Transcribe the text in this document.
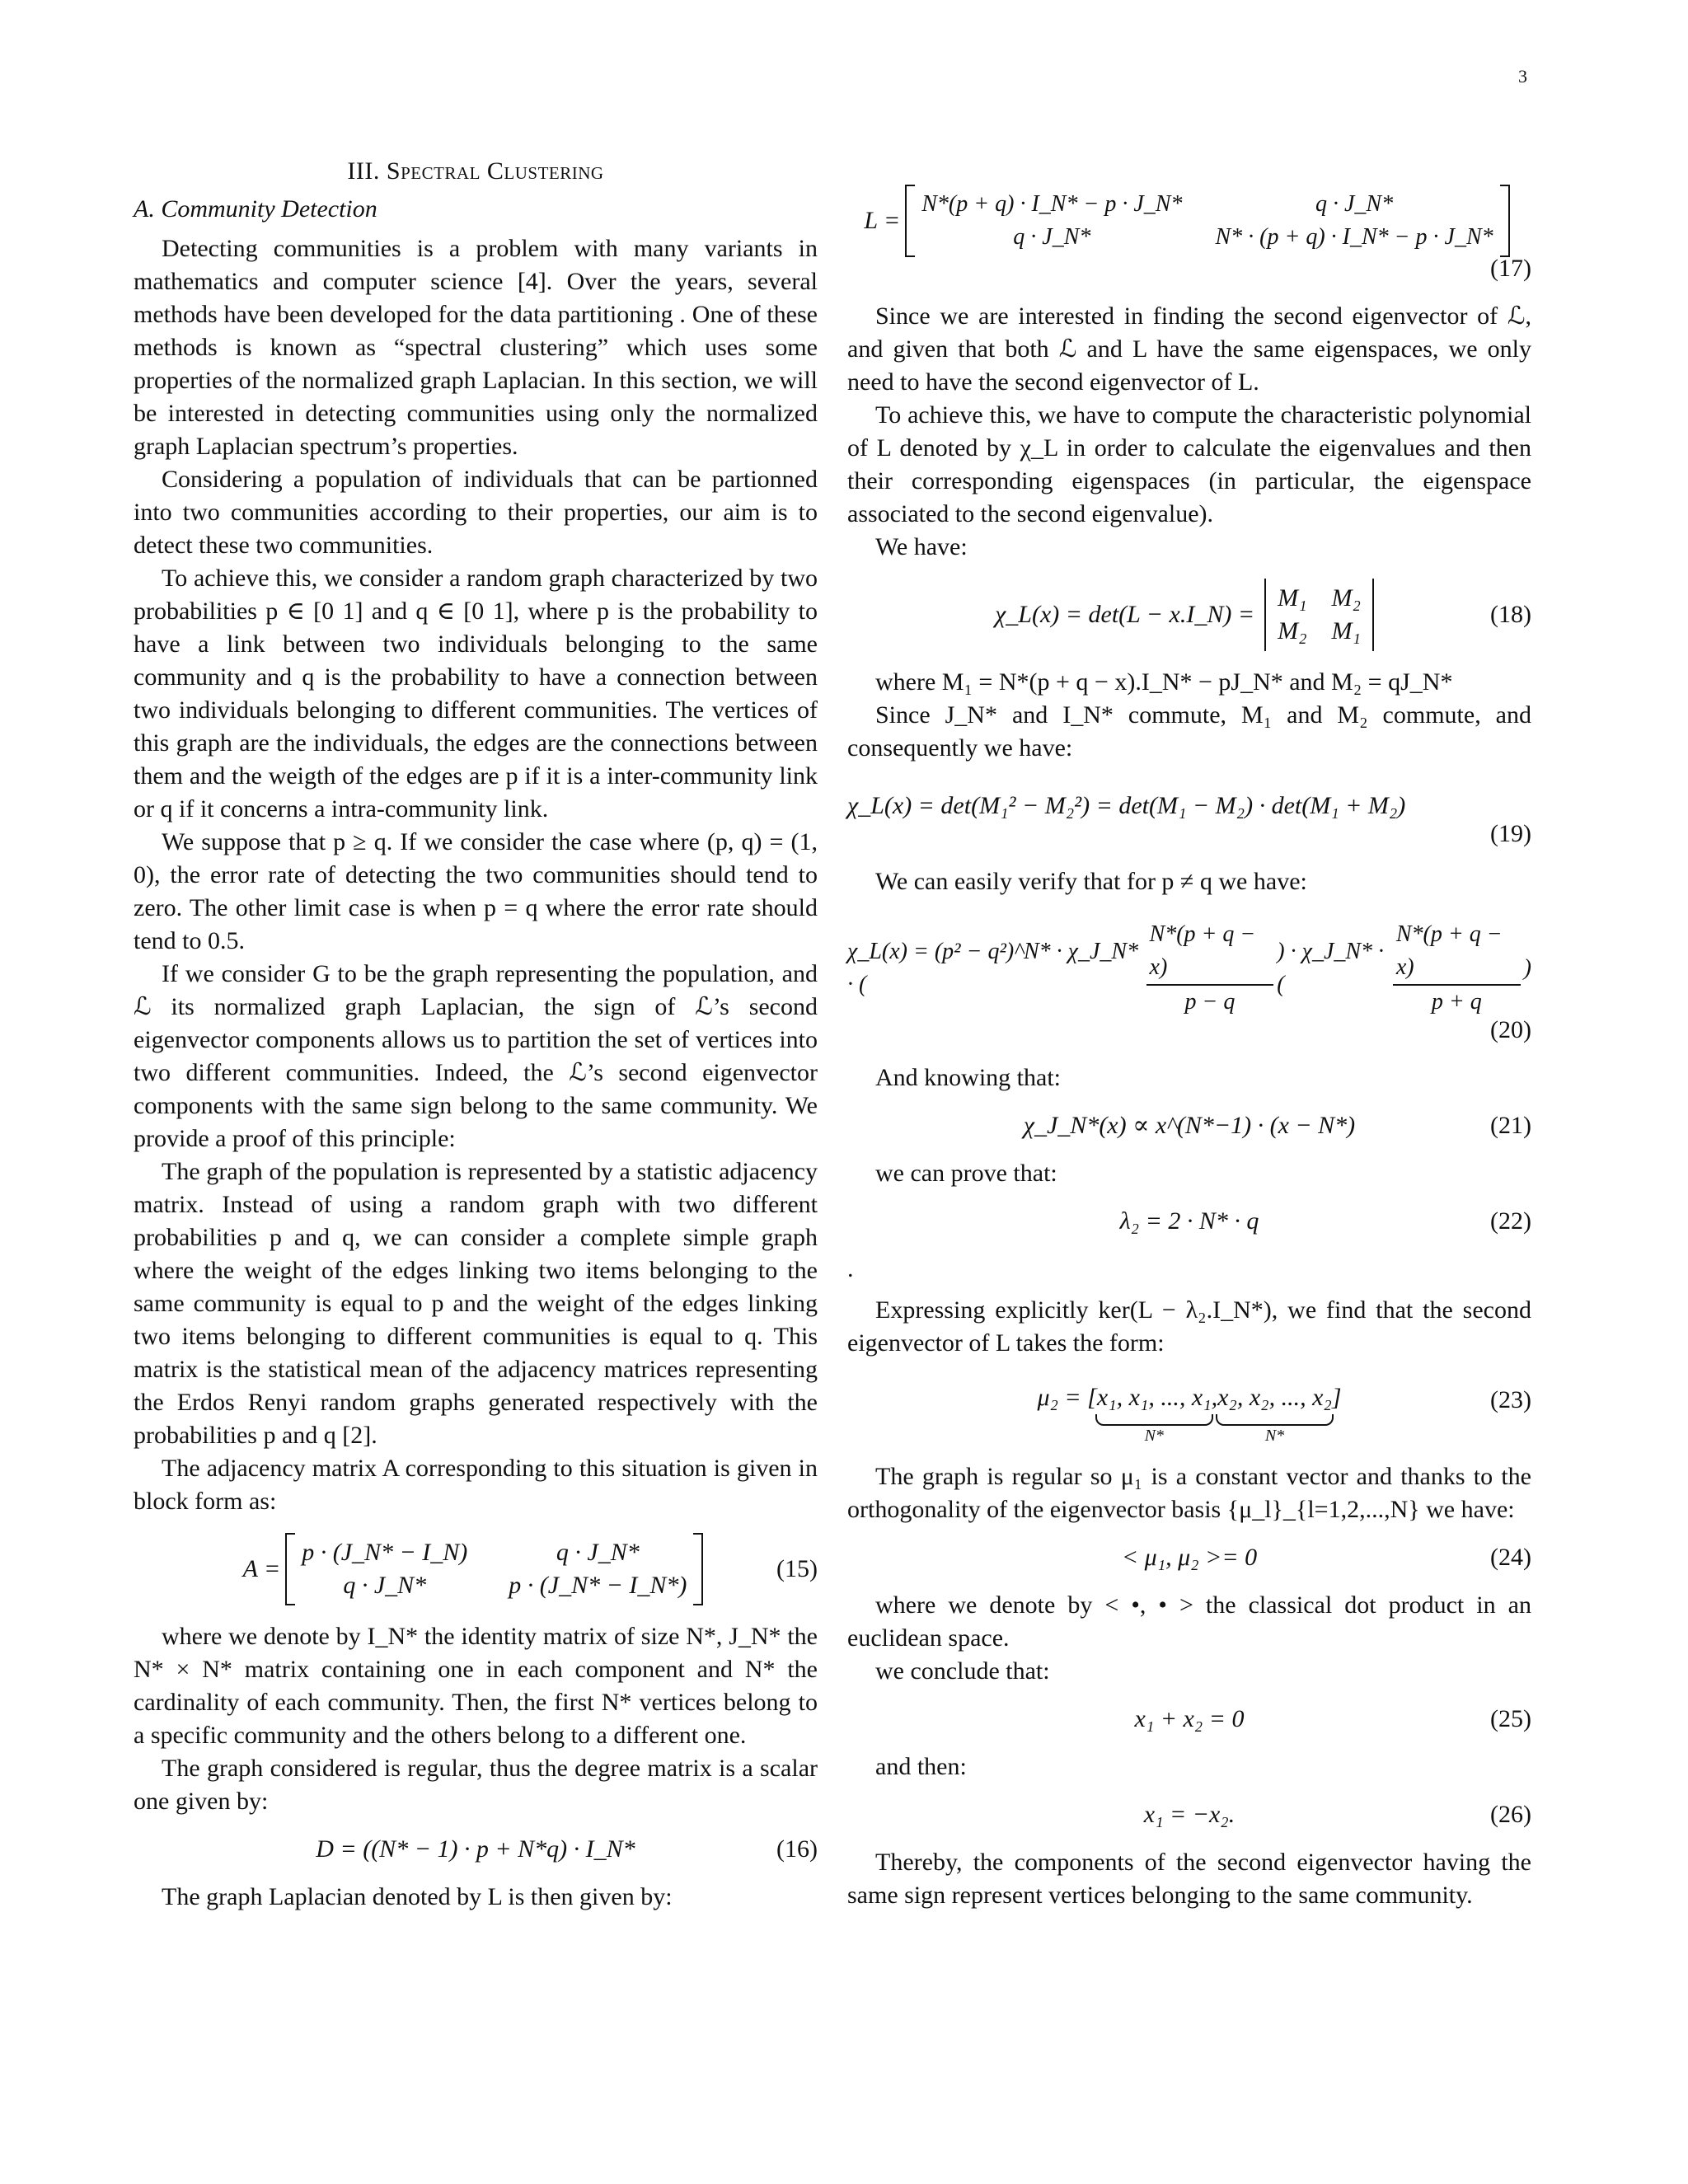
3
III. Spectral Clustering
A. Community Detection

Detecting communities is a problem with many variants in mathematics and computer science [4]. Over the years, several methods have been developed for the data partitioning . One of these methods is known as “spectral clustering” which uses some properties of the normalized graph Laplacian. In this section, we will be interested in detecting communities using only the normalized graph Laplacian spectrum’s properties.

Considering a population of individuals that can be partionned into two communities according to their properties, our aim is to detect these two communities.

To achieve this, we consider a random graph characterized by two probabilities p ∈ [0 1] and q ∈ [0 1], where p is the probability to have a link between two individuals belonging to the same community and q is the probability to have a connection between two individuals belonging to different communities. The vertices of this graph are the individuals, the edges are the connections between them and the weigth of the edges are p if it is a inter-community link or q if it concerns a intra-community link.

We suppose that p ≥ q. If we consider the case where (p, q) = (1, 0), the error rate of detecting the two communities should tend to zero. The other limit case is when p = q where the error rate should tend to 0.5.

If we consider G to be the graph representing the population, and ℒ its normalized graph Laplacian, the sign of ℒ’s second eigenvector components allows us to partition the set of vertices into two different communities. Indeed, the ℒ’s second eigenvector components with the same sign belong to the same community. We provide a proof of this principle:

The graph of the population is represented by a statistic adjacency matrix. Instead of using a random graph with two different probabilities p and q, we can consider a complete simple graph where the weight of the edges linking two items belonging to the same community is equal to p and the weight of the edges linking two items belonging to different communities is equal to q. This matrix is the statistical mean of the adjacency matrices representing the Erdos Renyi random graphs generated respectively with the probabilities p and q [2].

The adjacency matrix A corresponding to this situation is given in block form as:

A =
p · (J_N* − I_N)	q · J_N*
q · J_N*	p · (J_N* − I_N*)
(15)

where we denote by I_N* the identity matrix of size N*, J_N* the N* × N* matrix containing one in each component and N* the cardinality of each community. Then, the first N* vertices belong to a specific community and the others belong to a different one.

The graph considered is regular, thus the degree matrix is a scalar one given by:

D = ((N* − 1) · p + N*q) · I_N*	(16)

The graph Laplacian denoted by L is then given by:

L =
N*(p + q) · I_N* − p · J_N*	q · J_N*
q · J_N*	N* · (p + q) · I_N* − p · J_N*
(17)

Since we are interested in finding the second eigenvector of ℒ, and given that both ℒ and L have the same eigenspaces, we only need to have the second eigenvector of L.

To achieve this, we have to compute the characteristic polynomial of L denoted by χ_L in order to calculate the eigenvalues and then their corresponding eigenspaces (in particular, the eigenspace associated to the second eigenvalue).

We have:

χ_L(x) = det(L − x.I_N) =
M₁ M₂
M₂ M₁
(18)

where M₁ = N*(p + q − x).I_N* − pJ_N* and M₂ = qJ_N*

Since J_N* and I_N* commute, M₁ and M₂ commute, and consequently we have:

χ_L(x) = det(M₁² − M₂²) = det(M₁ − M₂) · det(M₁ + M₂)
(19)

We can easily verify that for p ≠ q we have:

χ_L(x) = (p² − q²)^N* · χ_J_N* · (	$\frac{N*(p + q - x)}{p - q}$ ) · χ_J_N* · (	$\frac{N*(p + q - x)}{p + q}$ )
(20)

And knowing that:

χ_J_N*(x) ∝ x^(N*−1) · (x − N*)	(21)

we can prove that:

λ₂ = 2 · N* · q	(22)

.

Expressing explicitly ker(L − λ₂.I_N*), we find that the second eigenvector of L takes the form:

μ₂ = [ x₁, x₁, ..., x₁
N*
, x₂, x₂, ..., x₂
N*
]	(23)

The graph is regular so μ₁ is a constant vector and thanks to the orthogonality of the eigenvector basis {μ_l}_{l=1,2,...,N} we have:

< μ₁, μ₂ >= 0	(24)

where we denote by < •, • > the classical dot product in an euclidean space.

we conclude that:

x₁ + x₂ = 0	(25)

and then:

x₁ = −x₂.	(26)

Thereby, the components of the second eigenvector having the same sign represent vertices belonging to the same community.
